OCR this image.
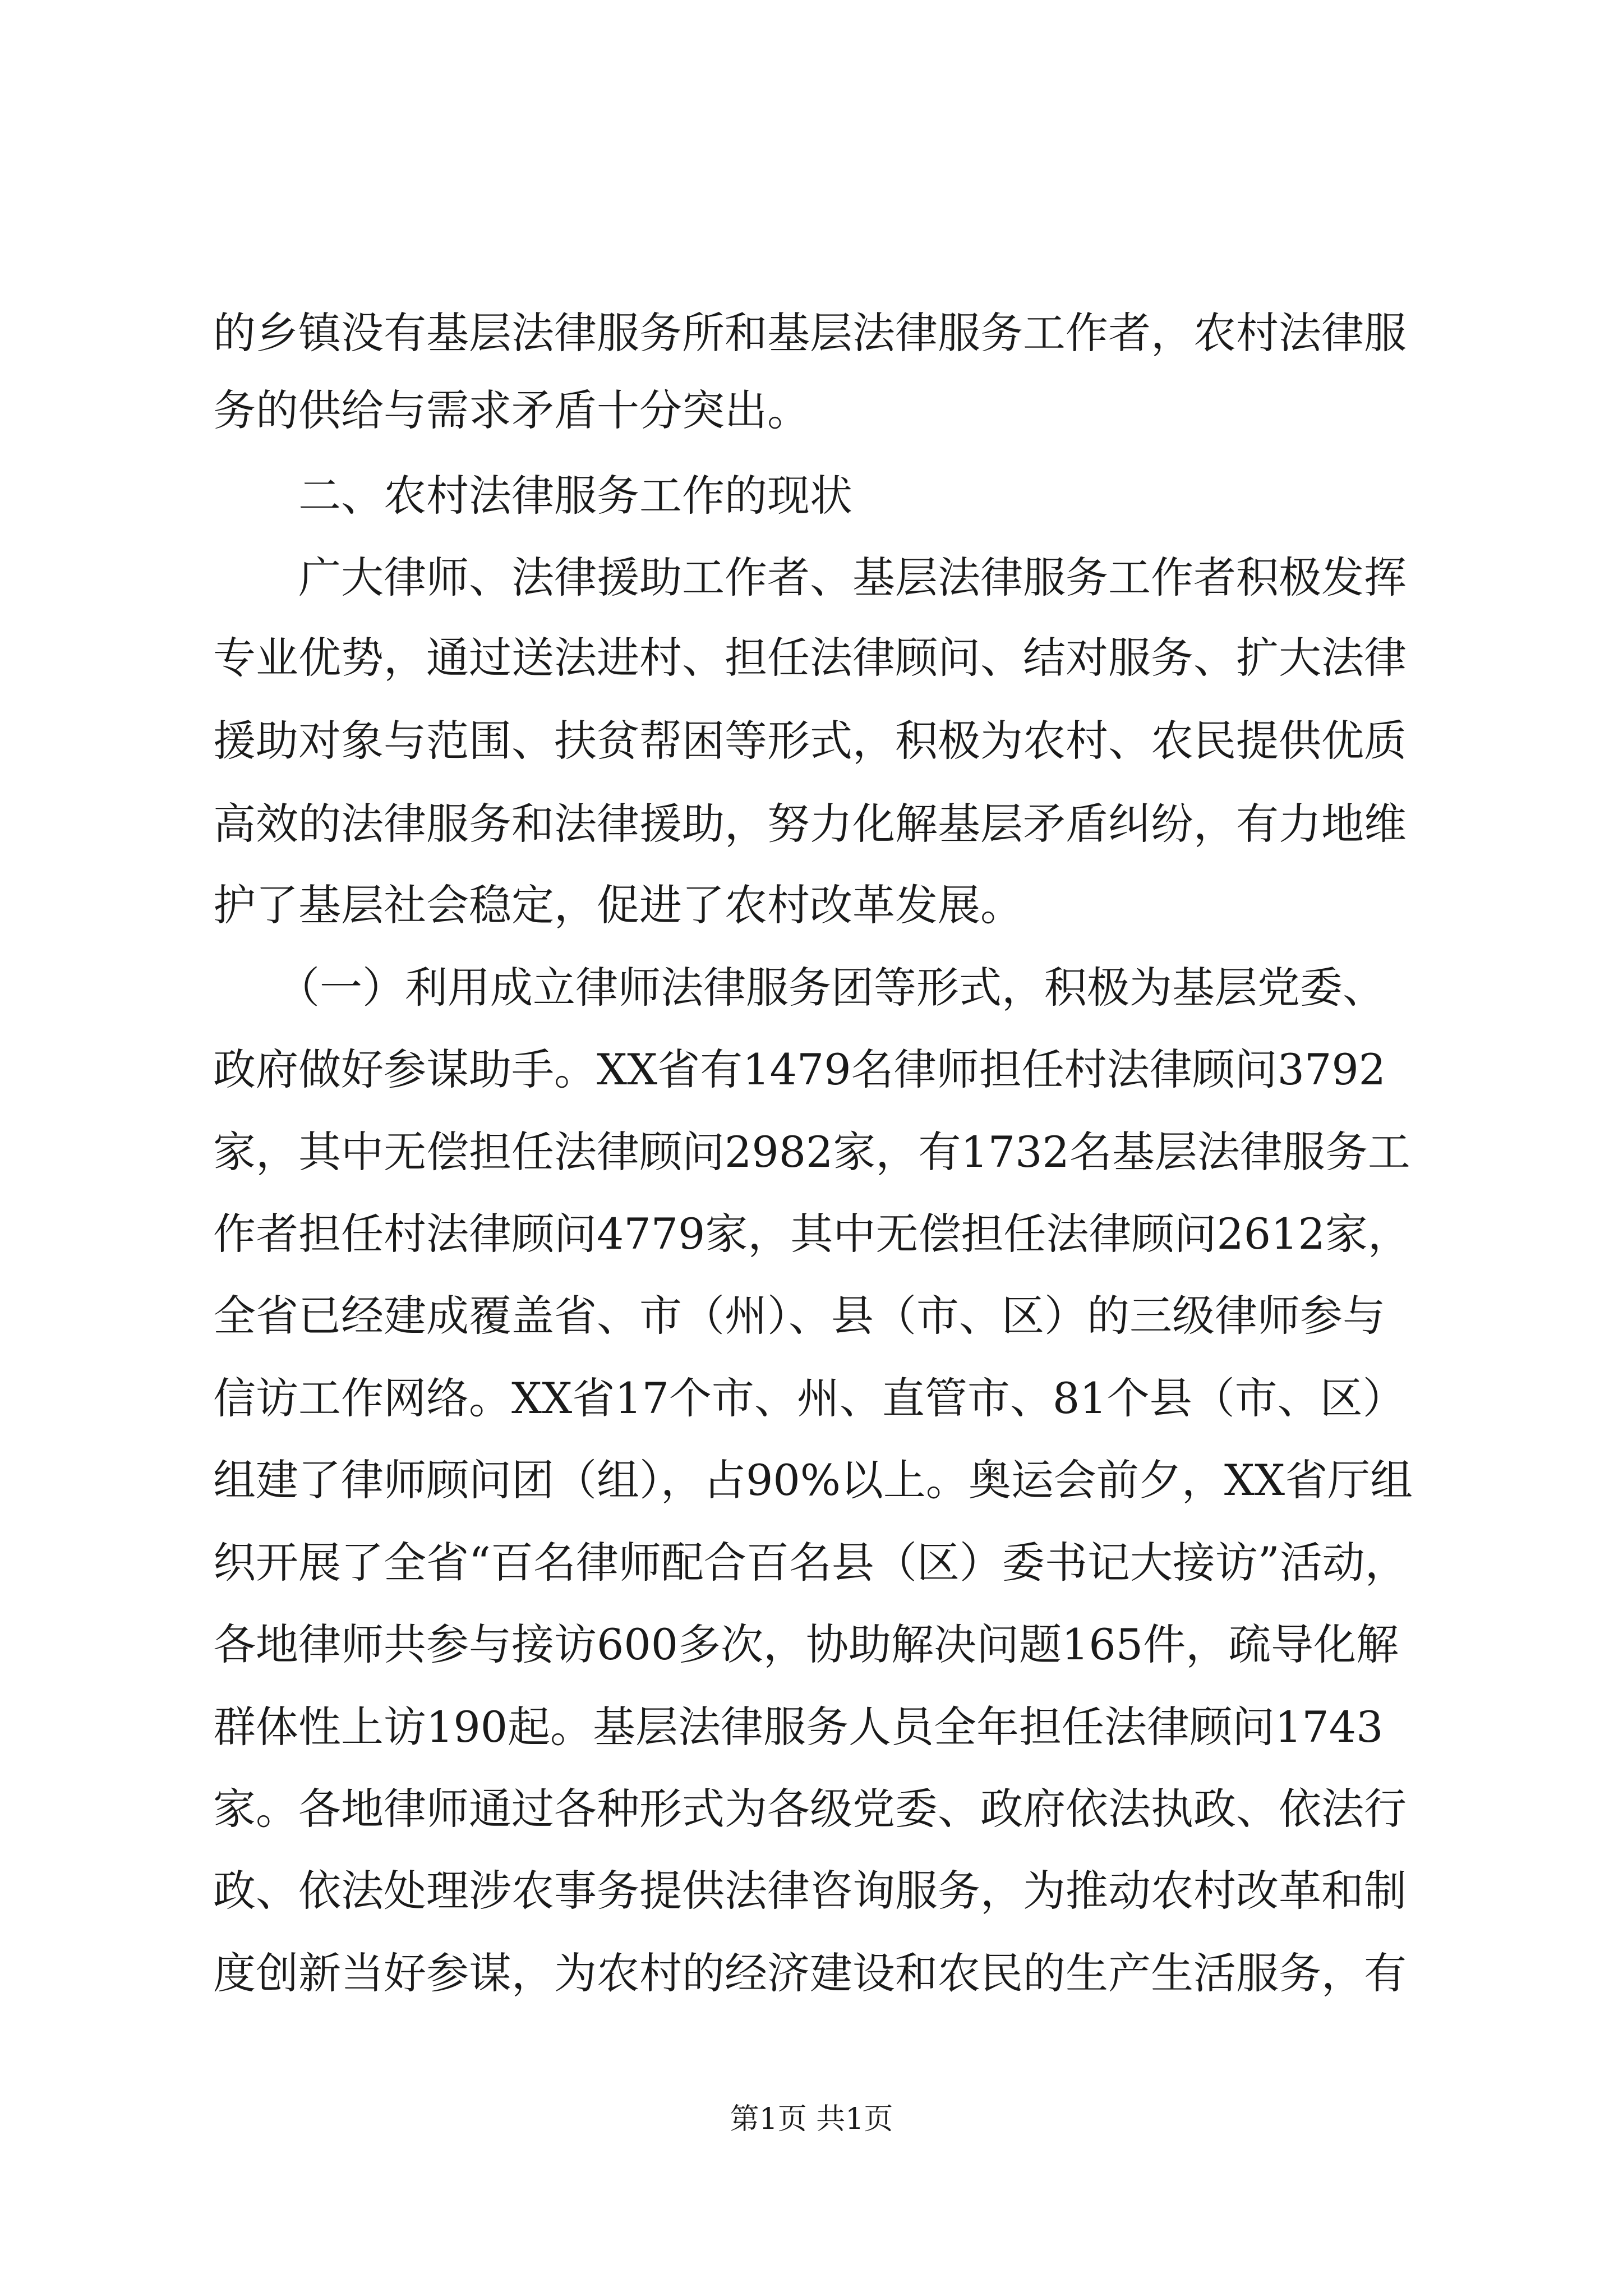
的乡镇没有基层法律服务所和基层法律服务工作者，农村法律服
务的供给与需求矛盾十分突出。
　　二、农村法律服务工作的现状
　　广大律师、法律援助工作者、基层法律服务工作者积极发挥
专业优势，通过送法进村、担任法律顾问、结对服务、扩大法律
援助对象与范围、扶贫帮困等形式，积极为农村、农民提供优质
高效的法律服务和法律援助，努力化解基层矛盾纠纷，有力地维
护了基层社会稳定，促进了农村改革发展。
　　（一）利用成立律师法律服务团等形式，积极为基层党委、
政府做好参谋助手。XX省有1479名律师担任村法律顾问3792
家，其中无偿担任法律顾问2982家，有1732名基层法律服务工
作者担任村法律顾问4779家，其中无偿担任法律顾问2612家，
全省已经建成覆盖省、市（州）、县（市、区）的三级律师参与
信访工作网络。XX省17个市、州、直管市、81个县（市、区）
组建了律师顾问团（组），占90%以上。奥运会前夕，XX省厅组
织开展了全省“百名律师配合百名县（区）委书记大接访”活动，
各地律师共参与接访600多次，协助解决问题165件，疏导化解
群体性上访190起。基层法律服务人员全年担任法律顾问1743
家。各地律师通过各种形式为各级党委、政府依法执政、依法行
政、依法处理涉农事务提供法律咨询服务，为推动农村改革和制
度创新当好参谋，为农村的经济建设和农民的生产生活服务，有
第1页 共1页
